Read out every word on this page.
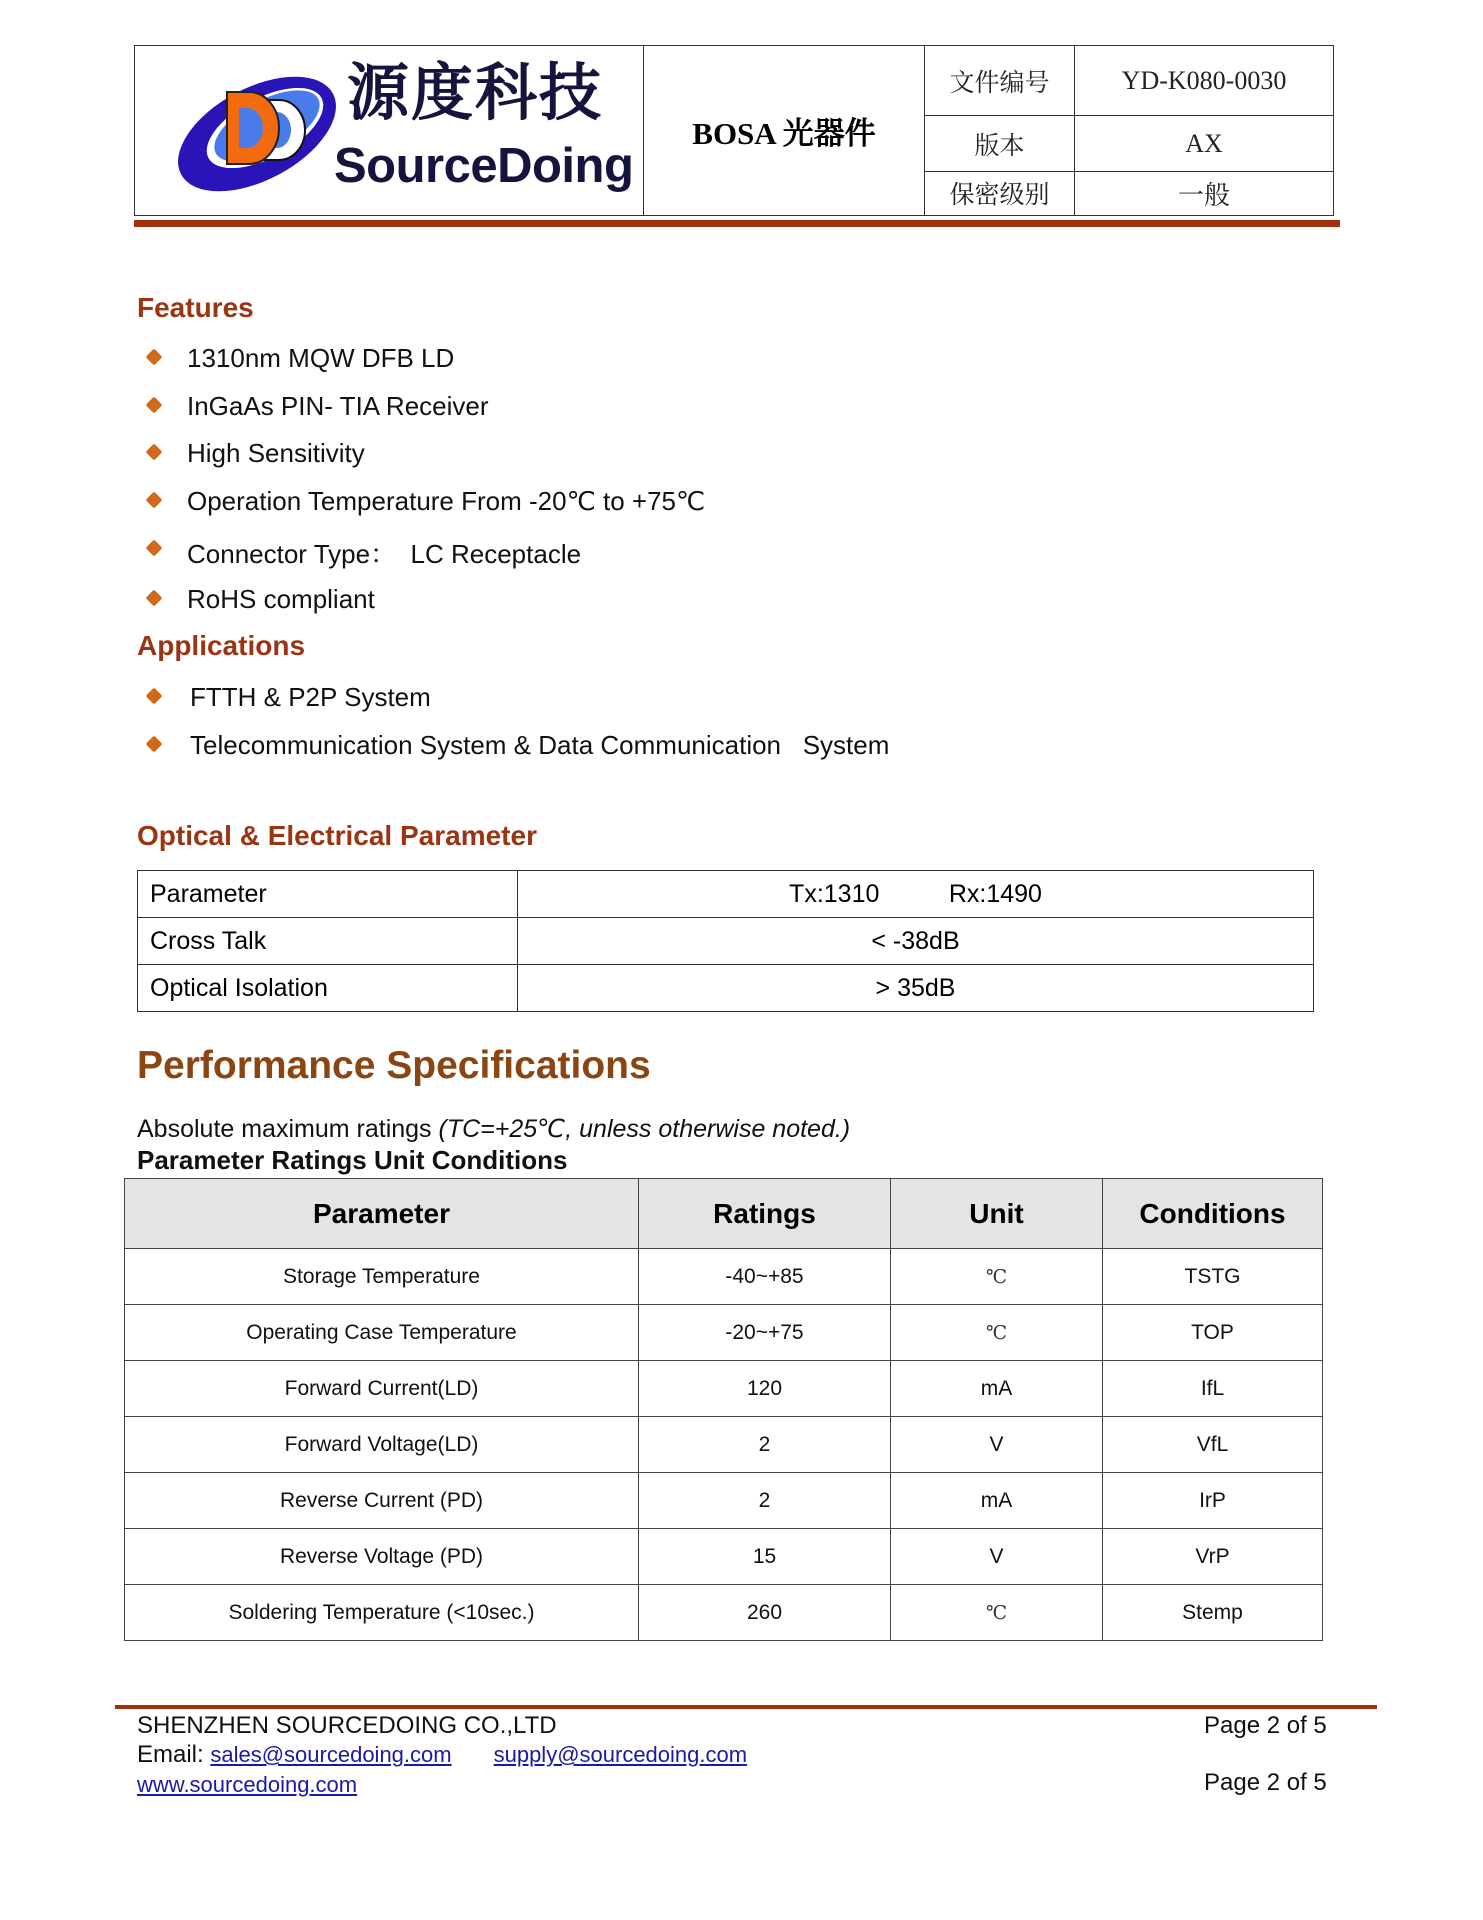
源度科技
SourceDoing	BOSA 光器件	文件编号	YD-K080-0030
		版本	AX
		保密级别	一般
Features
1310nm MQW DFB LD
InGaAs PIN- TIA Receiver
High Sensitivity
Operation Temperature From -20℃ to +75℃
Connector Type：  LC Receptacle
RoHS compliant
Applications
FTTH & P2P System
Telecommunication System & Data Communication   System
Optical & Electrical Parameter
Parameter	Tx:1310          Rx:1490
Cross Talk	< -38dB
Optical Isolation	> 35dB
Performance Specifications
Absolute maximum ratings (TC=+25℃, unless otherwise noted.)
Parameter Ratings Unit Conditions
Parameter	Ratings	Unit	Conditions
Storage Temperature	-40~+85	℃	TSTG
Operating Case Temperature	-20~+75	℃	TOP
Forward Current(LD)	120	mA	IfL
Forward Voltage(LD)	2	V	VfL
Reverse Current (PD)	2	mA	IrP
Reverse Voltage (PD)	15	V	VrP
Soldering Temperature (<10sec.)	260	℃	Stemp
SHENZHEN SOURCEDOING CO.,LTD
Email: sales@sourcedoing.com supply@sourcedoing.com
www.sourcedoing.com
Page 2 of 5
Page 2 of 5
